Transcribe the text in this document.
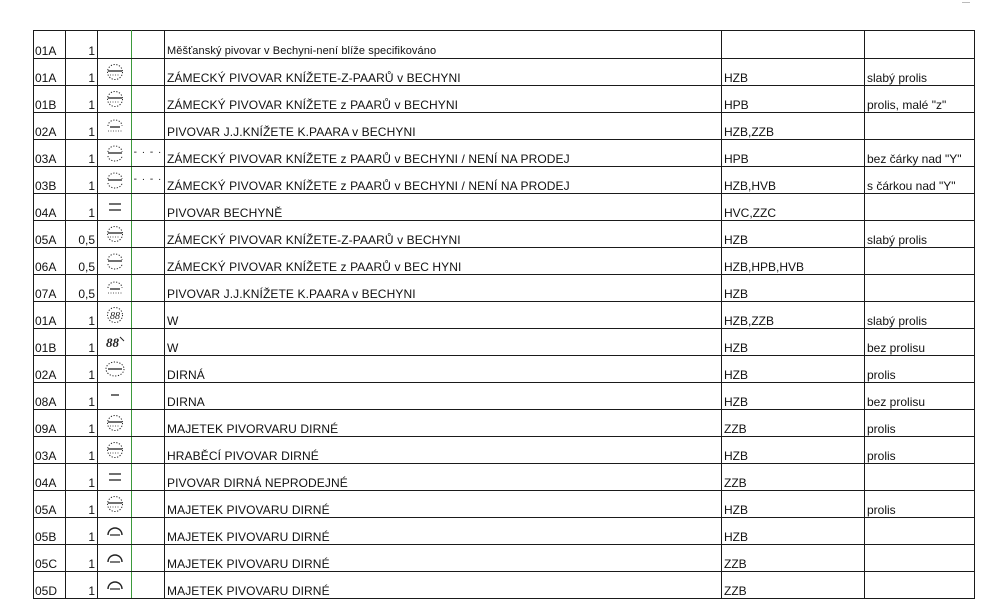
01A	1			Měšťanský pivovar v Bechyni-není blíže specifikováno		
01A	1			ZÁMECKÝ PIVOVAR KNÍŽETE-Z-PAARŮ v BECHYNI	HZB	slabý prolis
01B	1			ZÁMECKÝ PIVOVAR KNÍŽETE z PAARŮ v BECHYNI	HPB	prolis, malé "z"
02A	1			PIVOVAR J.J.KNÍŽETE K.PAARA v BECHYNI	HZB,ZZB	
03A	1		- · - ·	ZÁMECKÝ PIVOVAR KNÍŽETE z PAARŮ v BECHYNI / NENÍ NA PRODEJ	HPB	bez čárky nad "Y"
03B	1		- · - ·	ZÁMECKÝ PIVOVAR KNÍŽETE z PAARŮ v BECHYNI / NENÍ NA PRODEJ	HZB,HVB	s čárkou nad "Y"
04A	1			PIVOVAR BECHYNĚ	HVC,ZZC	
05A	0,5			ZÁMECKÝ PIVOVAR KNÍŽETE-Z-PAARŮ v BECHYNI	HZB	slabý prolis
06A	0,5			ZÁMECKÝ PIVOVAR KNÍŽETE z PAARŮ v BEC HYNI	HZB,HPB,HVB	
07A	0,5			PIVOVAR J.J.KNÍŽETE K.PAARA v BECHYNI	HZB	
01A	1	88		W	HZB,ZZB	slabý prolis
01B	1	88		W	HZB	bez prolisu
02A	1			DIRNÁ	HZB	prolis
08A	1			DIRNA	HZB	bez prolisu
09A	1			MAJETEK PIVORVARU DIRNÉ	ZZB	prolis
03A	1			HRABĚCÍ PIVOVAR DIRNÉ	HZB	prolis
04A	1			PIVOVAR DIRNÁ NEPRODEJNÉ	ZZB	
05A	1			MAJETEK PIVOVARU DIRNÉ	HZB	prolis
05B	1			MAJETEK PIVOVARU DIRNÉ	HZB	
05C	1			MAJETEK PIVOVARU DIRNÉ	ZZB	
05D	1			MAJETEK PIVOVARU DIRNÉ	ZZB	
